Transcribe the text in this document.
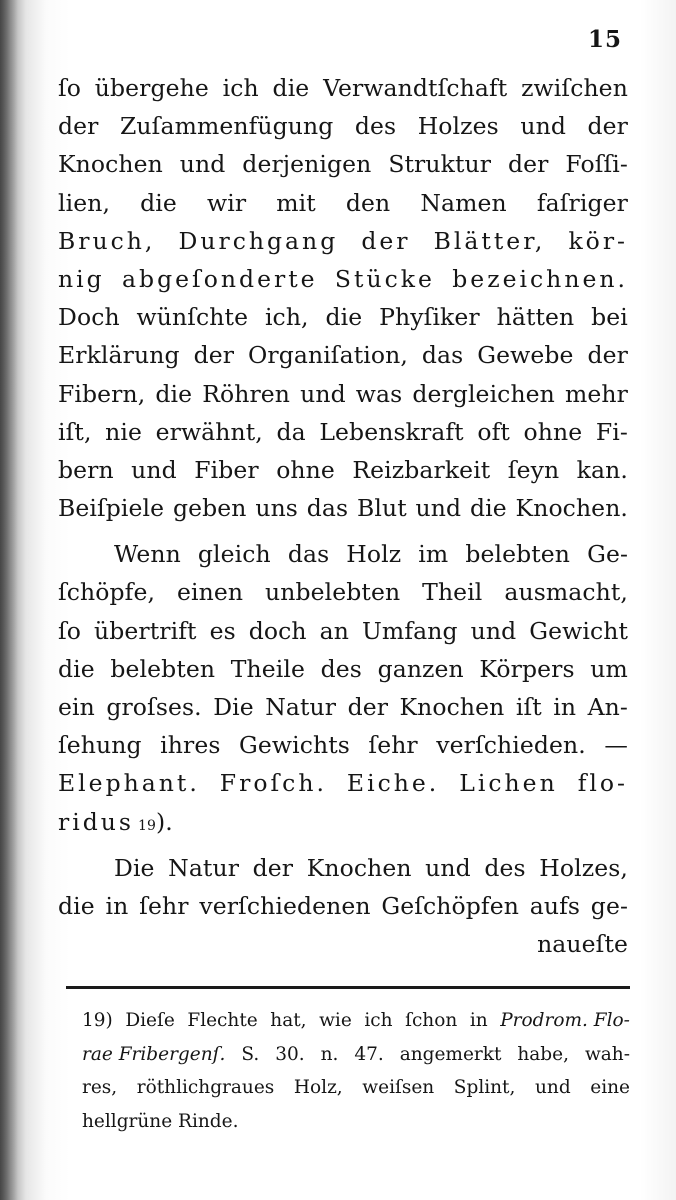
15
ſo übergehe ich die Verwandtſchaft zwiſchen
der Zuſammenfügung des Holzes und der
Knochen und derjenigen Struktur der Foſſi-
lien, die wir mit den Namen faſriger
Bruch, Durchgang der Blätter, kör-
nig abgeſonderte Stücke bezeichnen.
Doch wünſchte ich, die Phyſiker hätten bei
Erklärung der Organiſation, das Gewebe der
Fibern, die Röhren und was dergleichen mehr
iſt, nie erwähnt, da Lebenskraft oft ohne Fi-
bern und Fiber ohne Reizbarkeit ſeyn kan.
Beiſpiele geben uns das Blut und die Knochen.
Wenn gleich das Holz im belebten Ge-
ſchöpfe, einen unbelebten Theil ausmacht,
ſo übertrift es doch an Umfang und Gewicht
die belebten Theile des ganzen Körpers um
ein groſses. Die Natur der Knochen iſt in An-
ſehung ihres Gewichts ſehr verſchieden. —
Elephant. Froſch. Eiche. Lichen flo-
ridus 19 ).
Die Natur der Knochen und des Holzes,
die in ſehr verſchiedenen Geſchöpfen aufs ge-
naueſte
19) Dieſe Flechte hat, wie ich ſchon in Prodrom. Flo-
rae Fribergenſ. S. 30. n. 47. angemerkt habe, wah-
res, röthlichgraues Holz, weiſsen Splint, und eine
hellgrüne Rinde.
